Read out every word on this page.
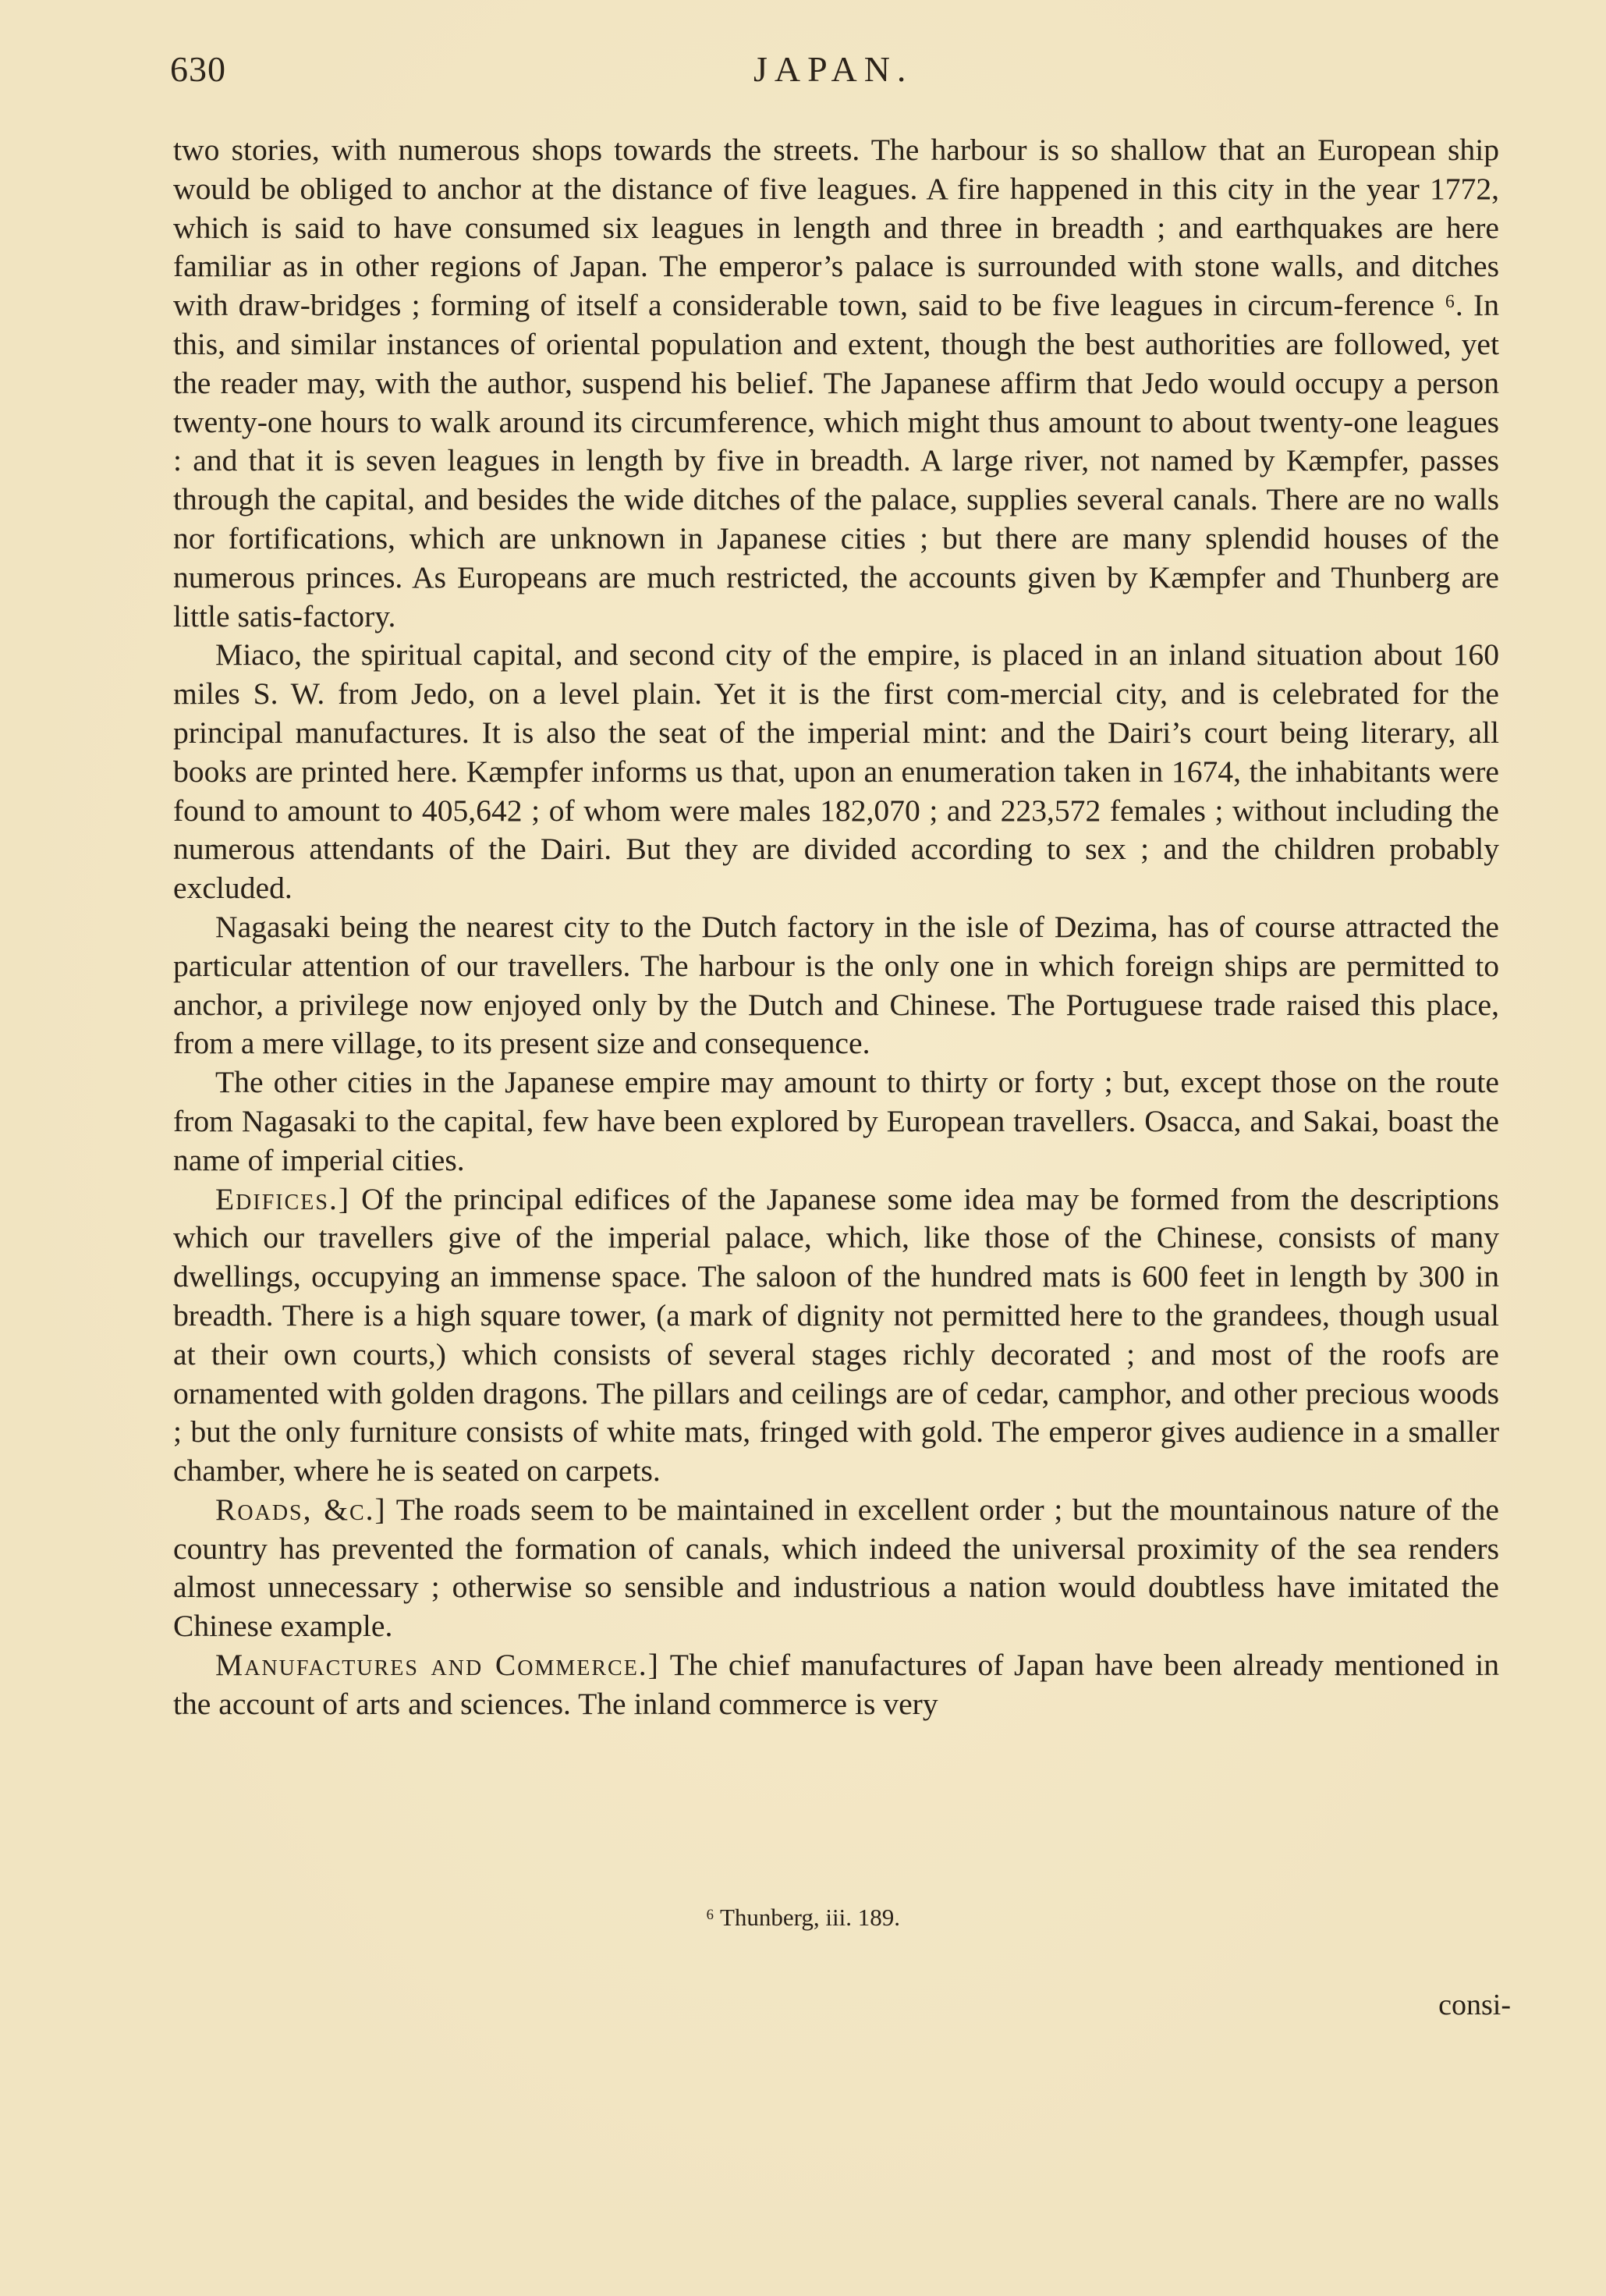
630	JAPAN.

two stories, with numerous shops towards the streets. The harbour is so shallow that an European ship would be obliged to anchor at the distance of five leagues. A fire happened in this city in the year 1772, which is said to have consumed six leagues in length and three in breadth ; and earthquakes are here familiar as in other regions of Japan. The emperor’s palace is surrounded with stone walls, and ditches with draw-bridges ; forming of itself a considerable town, said to be five leagues in circum-ference ⁶. In this, and similar instances of oriental population and extent, though the best authorities are followed, yet the reader may, with the author, suspend his belief. The Japanese affirm that Jedo would occupy a person twenty-one hours to walk around its circumference, which might thus amount to about twenty-one leagues : and that it is seven leagues in length by five in breadth. A large river, not named by Kæmpfer, passes through the capital, and besides the wide ditches of the palace, supplies several canals. There are no walls nor fortifications, which are unknown in Japanese cities ; but there are many splendid houses of the numerous princes. As Europeans are much restricted, the accounts given by Kæmpfer and Thunberg are little satis-factory.

Miaco, the spiritual capital, and second city of the empire, is placed in an inland situation about 160 miles S. W. from Jedo, on a level plain. Yet it is the first com-mercial city, and is celebrated for the principal manufactures. It is also the seat of the imperial mint: and the Dairi’s court being literary, all books are printed here. Kæmpfer informs us that, upon an enumeration taken in 1674, the inhabitants were found to amount to 405,642 ; of whom were males 182,070 ; and 223,572 females ; without including the numerous attendants of the Dairi. But they are divided according to sex ; and the children probably excluded.

Nagasaki being the nearest city to the Dutch factory in the isle of Dezima, has of course attracted the particular attention of our travellers. The harbour is the only one in which foreign ships are permitted to anchor, a privilege now enjoyed only by the Dutch and Chinese. The Portuguese trade raised this place, from a mere village, to its present size and consequence.

The other cities in the Japanese empire may amount to thirty or forty ; but, except those on the route from Nagasaki to the capital, few have been explored by European travellers. Osacca, and Sakai, boast the name of imperial cities.

Edifices.] Of the principal edifices of the Japanese some idea may be formed from the descriptions which our travellers give of the imperial palace, which, like those of the Chinese, consists of many dwellings, occupying an immense space. The saloon of the hundred mats is 600 feet in length by 300 in breadth. There is a high square tower, (a mark of dignity not permitted here to the grandees, though usual at their own courts,) which consists of several stages richly decorated ; and most of the roofs are ornamented with golden dragons. The pillars and ceilings are of cedar, camphor, and other precious woods ; but the only furniture consists of white mats, fringed with gold. The emperor gives audience in a smaller chamber, where he is seated on carpets.

Roads, &c.] The roads seem to be maintained in excellent order ; but the mountainous nature of the country has prevented the formation of canals, which indeed the universal proximity of the sea renders almost unnecessary ; otherwise so sensible and industrious a nation would doubtless have imitated the Chinese example.

Manufactures and Commerce.] The chief manufactures of Japan have been already mentioned in the account of arts and sciences. The inland commerce is very

⁶ Thunberg, iii. 189.
consi-
